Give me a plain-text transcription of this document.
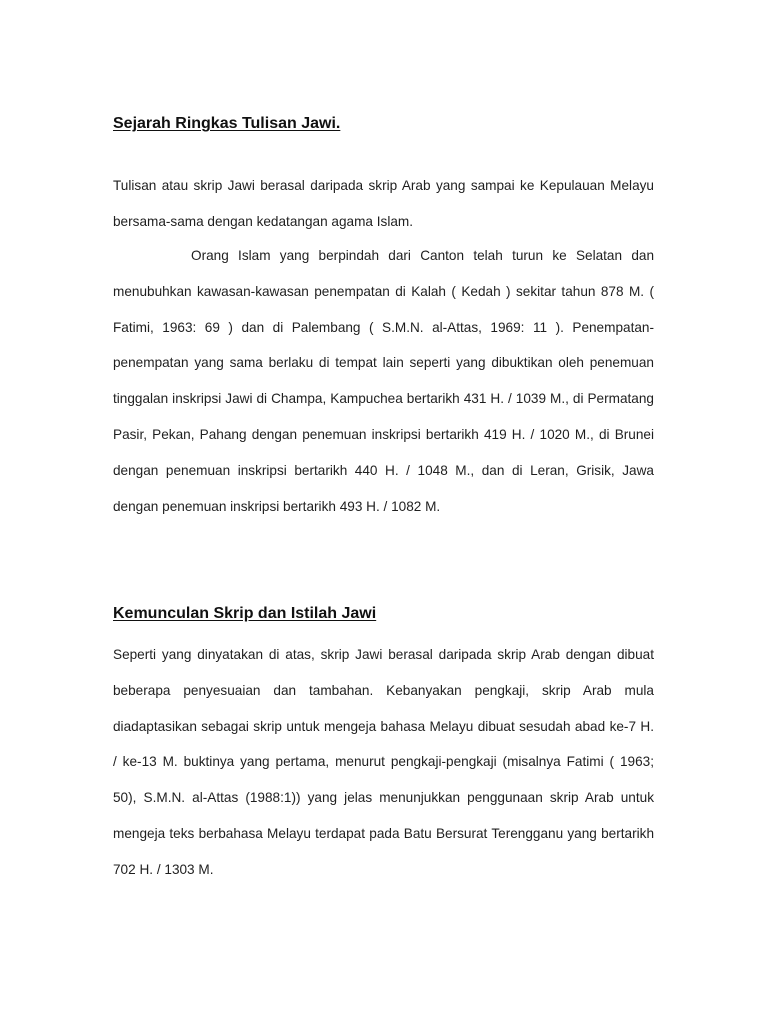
Sejarah Ringkas Tulisan Jawi.

Tulisan atau skrip Jawi berasal daripada skrip Arab yang sampai ke Kepulauan Melayu bersama-sama dengan kedatangan agama Islam.

Orang Islam yang berpindah dari Canton telah turun ke Selatan dan menubuhkan kawasan-kawasan penempatan di Kalah ( Kedah ) sekitar tahun 878 M. ( Fatimi, 1963: 69 ) dan di Palembang ( S.M.N. al-Attas, 1969: 11 ). Penempatan-penempatan yang sama berlaku di tempat lain seperti yang dibuktikan oleh penemuan tinggalan inskripsi Jawi di Champa, Kampuchea bertarikh 431 H. / 1039 M., di Permatang Pasir, Pekan, Pahang dengan penemuan inskripsi bertarikh 419 H. / 1020 M., di Brunei dengan penemuan inskripsi bertarikh 440 H. / 1048 M., dan di Leran, Grisik, Jawa dengan penemuan inskripsi bertarikh 493 H. / 1082 M.

Kemunculan Skrip dan Istilah Jawi

Seperti yang dinyatakan di atas, skrip Jawi berasal daripada skrip Arab dengan dibuat beberapa penyesuaian dan tambahan. Kebanyakan pengkaji, skrip Arab mula diadaptasikan sebagai skrip untuk mengeja bahasa Melayu dibuat sesudah abad ke-7 H. / ke-13 M. buktinya yang pertama, menurut pengkaji-pengkaji (misalnya Fatimi ( 1963; 50), S.M.N. al-Attas (1988:1)) yang jelas menunjukkan penggunaan skrip Arab untuk mengeja teks berbahasa Melayu terdapat pada Batu Bersurat Terengganu yang bertarikh 702 H. / 1303 M.
